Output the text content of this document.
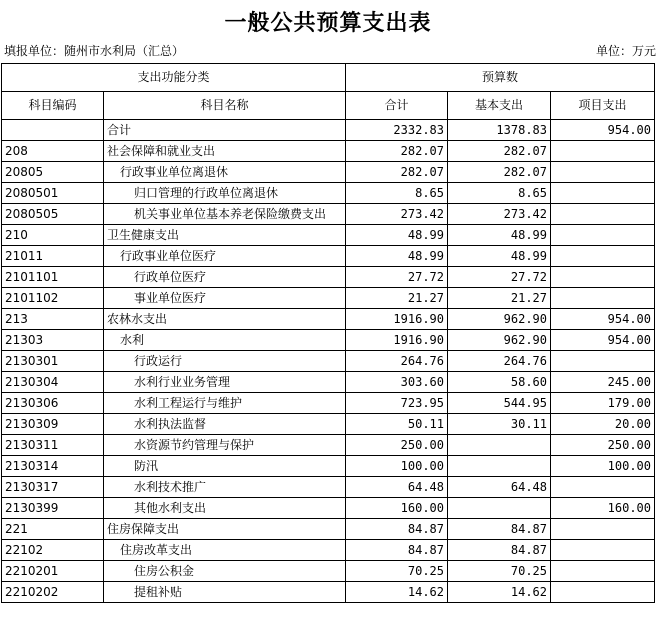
一般公共预算支出表
填报单位：随州市水利局（汇总）	单位：万元
支出功能分类		预算数		
科目编码	科目名称	合计	基本支出	项目支出
	合计	2332.83	1378.83	954.00
208	社会保障和就业支出	282.07	282.07	
20805	行政事业单位离退休	282.07	282.07	
2080501	归口管理的行政单位离退休	8.65	8.65	
2080505	机关事业单位基本养老保险缴费支出	273.42	273.42	
210	卫生健康支出	48.99	48.99	
21011	行政事业单位医疗	48.99	48.99	
2101101	行政单位医疗	27.72	27.72	
2101102	事业单位医疗	21.27	21.27	
213	农林水支出	1916.90	962.90	954.00
21303	水利	1916.90	962.90	954.00
2130301	行政运行	264.76	264.76	
2130304	水利行业业务管理	303.60	58.60	245.00
2130306	水利工程运行与维护	723.95	544.95	179.00
2130309	水利执法监督	50.11	30.11	20.00
2130311	水资源节约管理与保护	250.00		250.00
2130314	防汛	100.00		100.00
2130317	水利技术推广	64.48	64.48	
2130399	其他水利支出	160.00		160.00
221	住房保障支出	84.87	84.87	
22102	住房改革支出	84.87	84.87	
2210201	住房公积金	70.25	70.25	
2210202	提租补贴	14.62	14.62	
